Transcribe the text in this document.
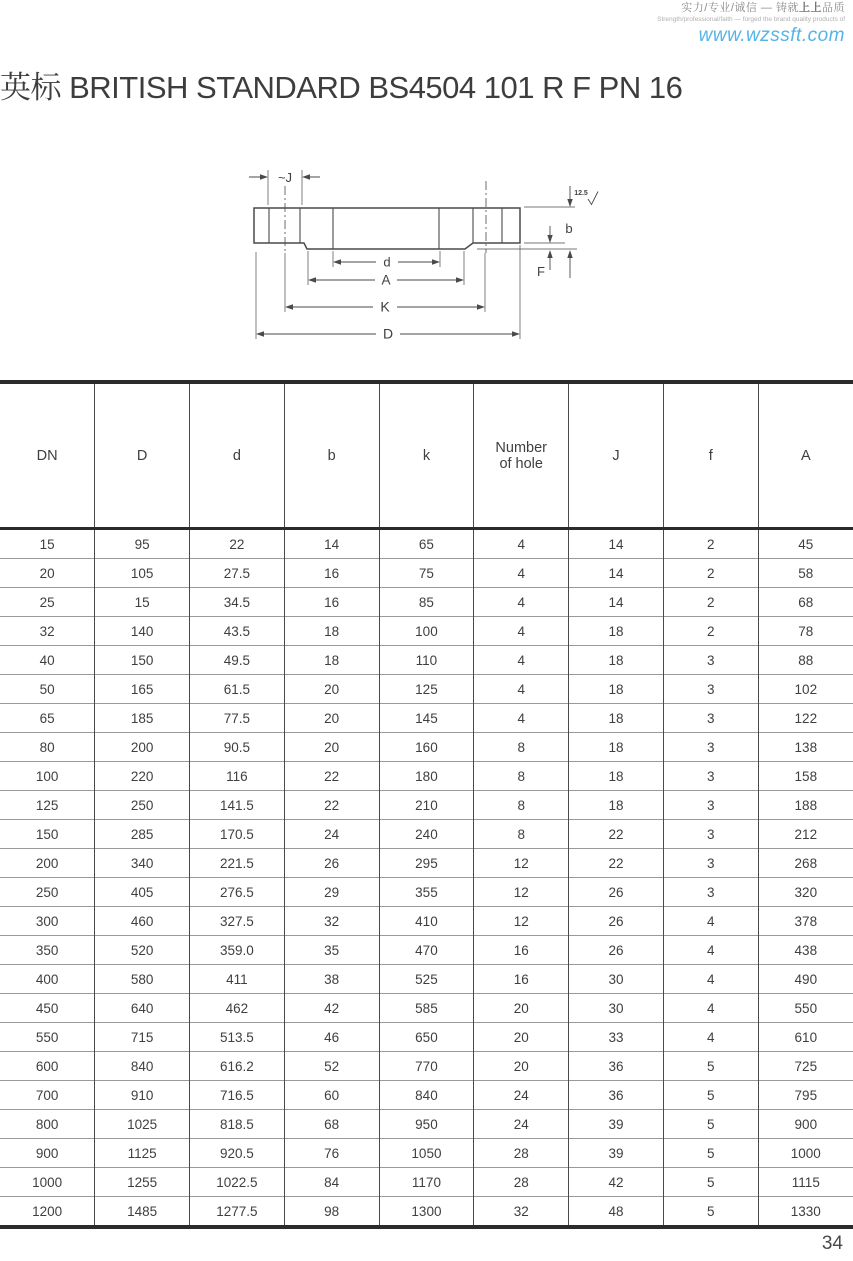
实力/专业/诚信 — 铸就上上品质
Strength/professional/faith — forged the brand quality products of
www.wzssft.com
英标 BRITISH STANDARD BS4504 101 R F PN 16
~J
d
A
K
D
b
F
12.5
DN	D	d	b	k	Number of hole	J	f	A
15	95	22	14	65	4	14	2	45
20	105	27.5	16	75	4	14	2	58
25	15	34.5	16	85	4	14	2	68
32	140	43.5	18	100	4	18	2	78
40	150	49.5	18	110	4	18	3	88
50	165	61.5	20	125	4	18	3	102
65	185	77.5	20	145	4	18	3	122
80	200	90.5	20	160	8	18	3	138
100	220	116	22	180	8	18	3	158
125	250	141.5	22	210	8	18	3	188
150	285	170.5	24	240	8	22	3	212
200	340	221.5	26	295	12	22	3	268
250	405	276.5	29	355	12	26	3	320
300	460	327.5	32	410	12	26	4	378
350	520	359.0	35	470	16	26	4	438
400	580	411	38	525	16	30	4	490
450	640	462	42	585	20	30	4	550
550	715	513.5	46	650	20	33	4	610
600	840	616.2	52	770	20	36	5	725
700	910	716.5	60	840	24	36	5	795
800	1025	818.5	68	950	24	39	5	900
900	1125	920.5	76	1050	28	39	5	1000
1000	1255	1022.5	84	1170	28	42	5	1115
1200	1485	1277.5	98	1300	32	48	5	1330
34
